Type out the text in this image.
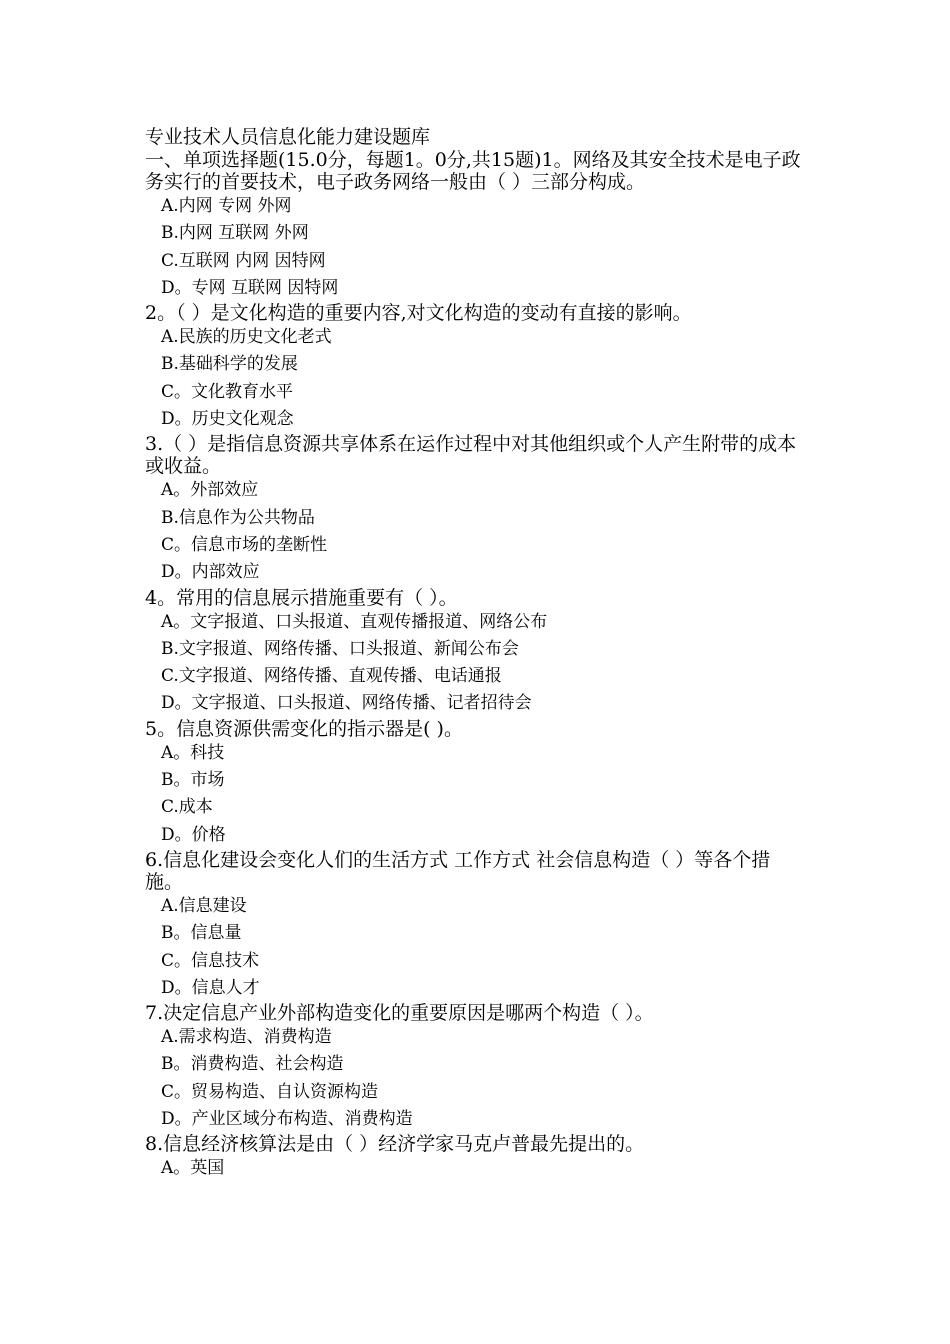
专业技术人员信息化能力建设题库

一、单项选择题(15.0分，每题1。0分,共15题)1。网络及其安全技术是电子政务实行的首要技术，电子政务网络一般由（ ）三部分构成。

A.内网 专网 外网
B.内网 互联网 外网
C.互联网 内网 因特网
D。专网 互联网 因特网

2。（ ）是文化构造的重要内容,对文化构造的变动有直接的影响。

A.民族的历史文化老式
B.基础科学的发展
C。文化教育水平
D。历史文化观念

3.（ ）是指信息资源共享体系在运作过程中对其他组织或个人产生附带的成本或收益。

A。外部效应
B.信息作为公共物品
C。信息市场的垄断性
D。内部效应

4。常用的信息展示措施重要有（ ）。

A。文字报道、口头报道、直观传播报道、网络公布
B.文字报道、网络传播、口头报道、新闻公布会
C.文字报道、网络传播、直观传播、电话通报
D。文字报道、口头报道、网络传播、记者招待会

5。信息资源供需变化的指示器是( )。

A。科技
B。市场
C.成本
D。价格

6.信息化建设会变化人们的生活方式 工作方式 社会信息构造（ ）等各个措施。

A.信息建设
B。信息量
C。信息技术
D。信息人才

7.决定信息产业外部构造变化的重要原因是哪两个构造（ ）。

A.需求构造、消费构造
B。消费构造、社会构造
C。贸易构造、自认资源构造
D。产业区域分布构造、消费构造

8.信息经济核算法是由（ ）经济学家马克卢普最先提出的。

A。英国
